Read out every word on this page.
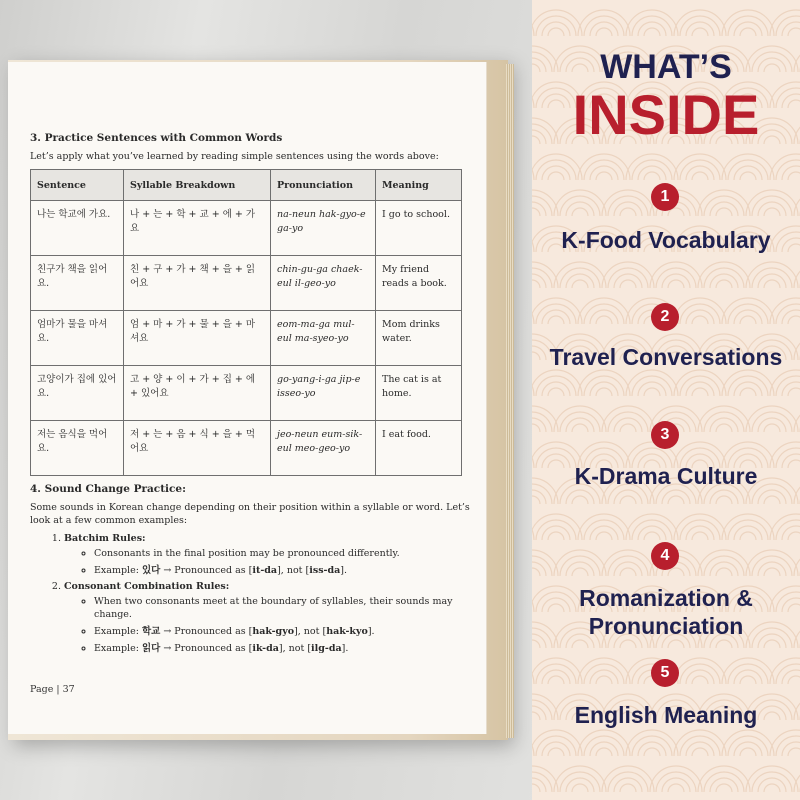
3. Practice Sentences with Common Words

Let’s apply what you’ve learned by reading simple sentences using the words above:

Sentence	Syllable Breakdown	Pronunciation	Meaning
나는 학교에 가요.	나 + 는 + 학 + 교 + 에 + 가요	na-neun hak-gyo-e ga-yo	I go to school.
친구가 책을 읽어요.	친 + 구 + 가 + 책 + 을 + 읽어요	chin-gu-ga chaek-eul il-geo-yo	My friend reads a book.
엄마가 물을 마셔요.	엄 + 마 + 가 + 물 + 을 + 마셔요	eom-ma-ga mul-eul ma-syeo-yo	Mom drinks water.
고양이가 집에 있어요.	고 + 양 + 이 + 가 + 집 + 에 + 있어요	go-yang-i-ga jip-e isseo-yo	The cat is at home.
저는 음식을 먹어요.	저 + 는 + 음 + 식 + 을 + 먹어요	jeo-neun eum-sik-eul meo-geo-yo	I eat food.

4. Sound Change Practice:

Some sounds in Korean change depending on their position within a syllable or word. Let’s look at a few common examples:

1. Batchim Rules:
◦ Consonants in the final position may be pronounced differently.
◦ Example: 있다 → Pronounced as [it-da], not [iss-da].
2. Consonant Combination Rules:
◦ When two consonants meet at the boundary of syllables, their sounds may change.
◦ Example: 학교 → Pronounced as [hak-gyo], not [hak-kyo].
◦ Example: 읽다 → Pronounced as [ik-da], not [ilg-da].
Page | 37
WHAT’S
INSIDE
1
K-Food Vocabulary
2
Travel Conversations
3
K-Drama Culture
4
Romanization & Pronunciation
5
English Meaning
